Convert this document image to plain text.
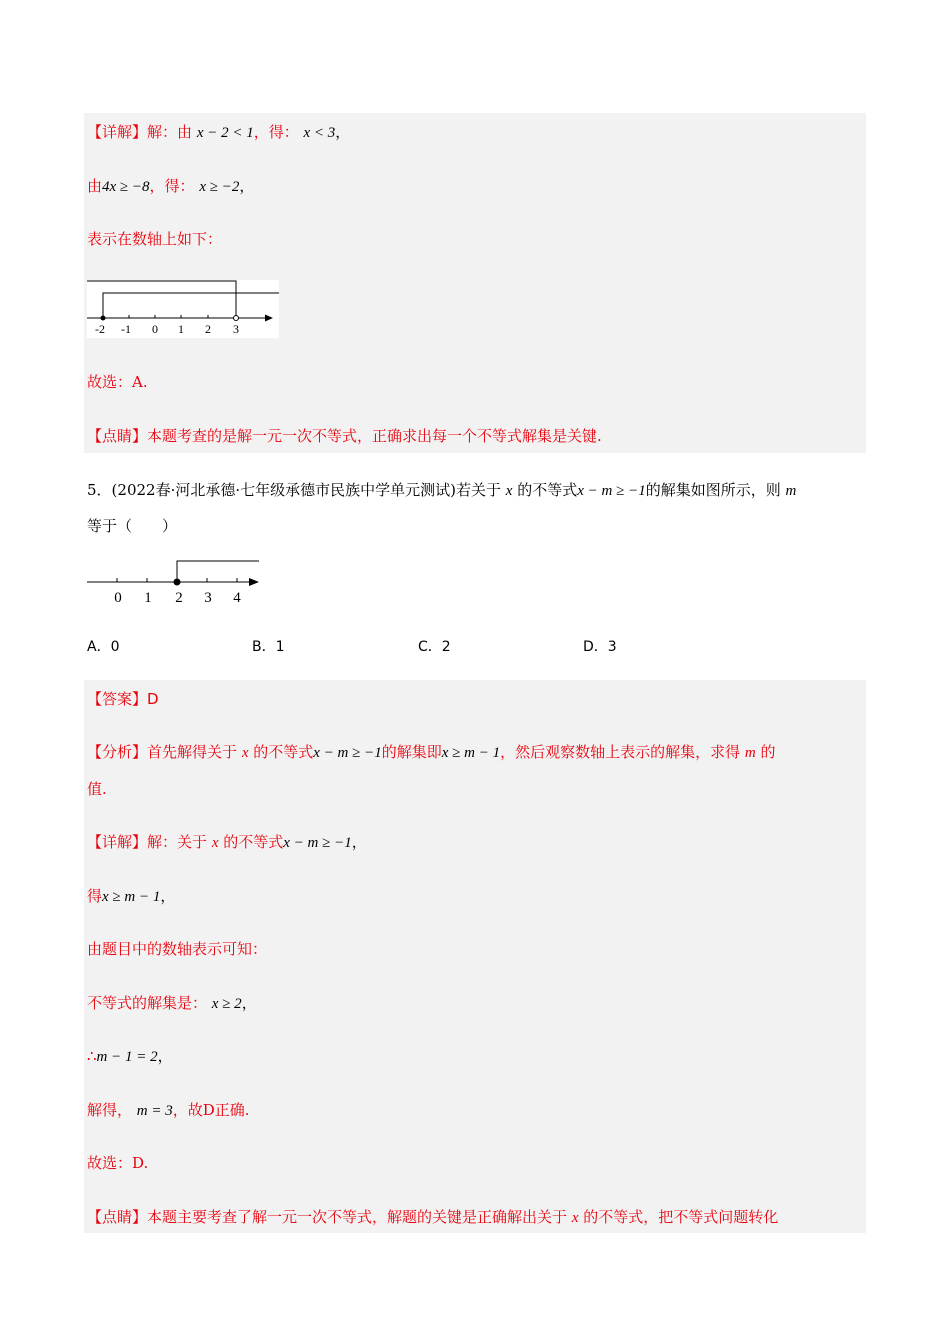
【详解】解：由 x − 2 < 1，得： x < 3，
由4x ≥ −8，得： x ≥ −2，
表示在数轴上如下：
-2 -1 0 1 2 3
故选：A.
【点睛】本题考查的是解一元一次不等式，正确求出每一个不等式解集是关键.
5．(2022春·河北承德·七年级承德市民族中学单元测试)若关于 x 的不等式x − m ≥ −1的解集如图所示，则 m
等于（　　）
0 1 2 3 4
A．0	B．1	C．2	D．3
【答案】D
【分析】首先解得关于 x 的不等式x − m ≥ −1的解集即x ≥ m − 1，然后观察数轴上表示的解集，求得 m 的
值.
【详解】解：关于 x 的不等式x − m ≥ −1，
得x ≥ m − 1，
由题目中的数轴表示可知：
不等式的解集是： x ≥ 2，
∴m − 1 = 2，
解得， m = 3，故D正确.
故选：D.
【点睛】本题主要考查了解一元一次不等式，解题的关键是正确解出关于 x 的不等式，把不等式问题转化
